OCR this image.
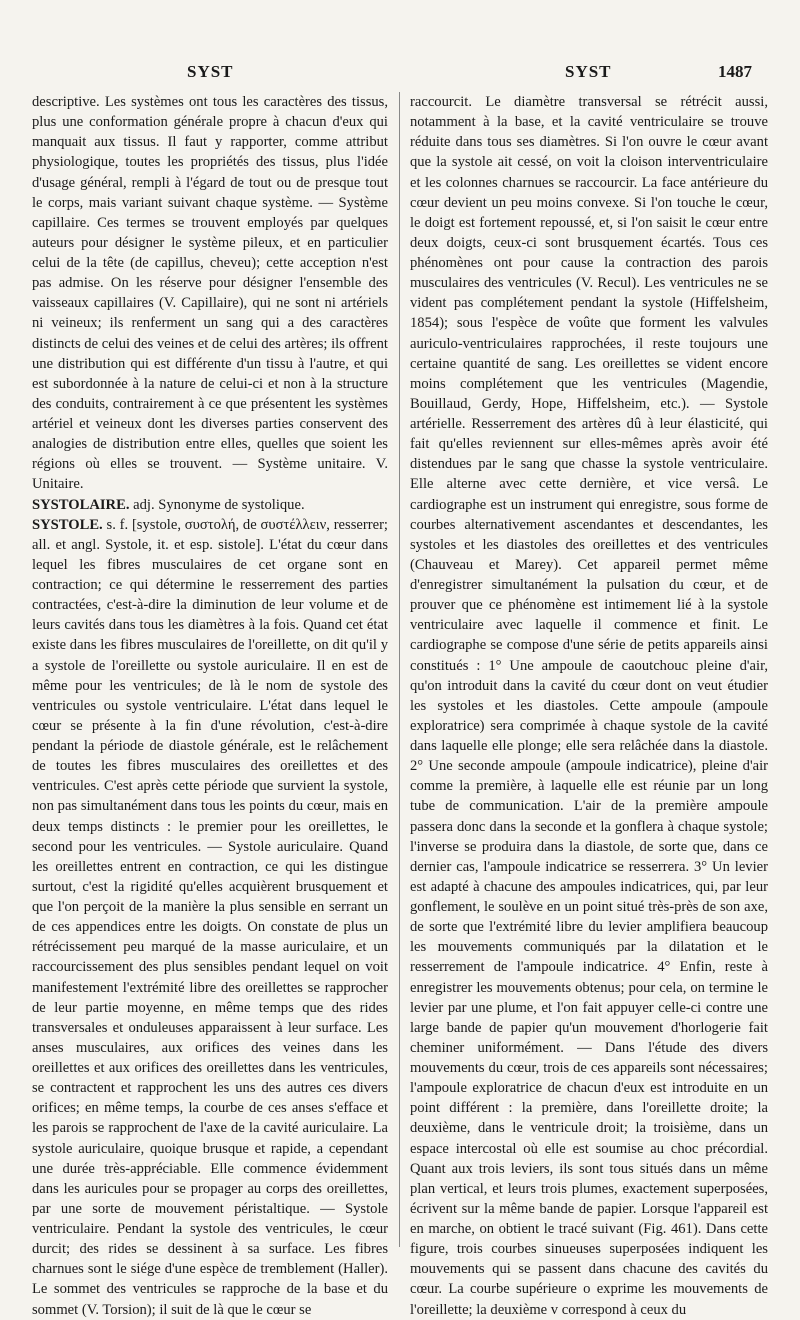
SYST	SYST	1487

descriptive. Les systèmes ont tous les caractères des tissus, plus une conformation générale propre à chacun d'eux qui manquait aux tissus. Il faut y rapporter, comme attribut physiologique, toutes les propriétés des tissus, plus l'idée d'usage général, rempli à l'égard de tout ou de presque tout le corps, mais variant suivant chaque système. — Système capillaire. Ces termes se trouvent employés par quelques auteurs pour désigner le système pileux, et en particulier celui de la tête (de capillus, cheveu); cette acception n'est pas admise. On les réserve pour désigner l'ensemble des vaisseaux capillaires (V. Capillaire), qui ne sont ni artériels ni veineux; ils renferment un sang qui a des caractères distincts de celui des veines et de celui des artères; ils offrent une distribution qui est différente d'un tissu à l'autre, et qui est subordonnée à la nature de celui-ci et non à la structure des conduits, contrairement à ce que présentent les systèmes artériel et veineux dont les diverses parties conservent des analogies de distribution entre elles, quelles que soient les régions où elles se trouvent. — Système unitaire. V. Unitaire.

SYSTOLAIRE. adj. Synonyme de systolique.

SYSTOLE. s. f. [systole, συστολή, de συστέλλειν, resserrer; all. et angl. Systole, it. et esp. sistole]. L'état du cœur dans lequel les fibres musculaires de cet organe sont en contraction; ce qui détermine le resserrement des parties contractées, c'est-à-dire la diminution de leur volume et de leurs cavités dans tous les diamètres à la fois. Quand cet état existe dans les fibres musculaires de l'oreillette, on dit qu'il y a systole de l'oreillette ou systole auriculaire. Il en est de même pour les ventricules; de là le nom de systole des ventricules ou systole ventriculaire. L'état dans lequel le cœur se présente à la fin d'une révolution, c'est-à-dire pendant la période de diastole générale, est le relâchement de toutes les fibres musculaires des oreillettes et des ventricules. C'est après cette période que survient la systole, non pas simultanément dans tous les points du cœur, mais en deux temps distincts : le premier pour les oreillettes, le second pour les ventricules. — Systole auriculaire. Quand les oreillettes entrent en contraction, ce qui les distingue surtout, c'est la rigidité qu'elles acquièrent brusquement et que l'on perçoit de la manière la plus sensible en serrant un de ces appendices entre les doigts. On constate de plus un rétrécissement peu marqué de la masse auriculaire, et un raccourcissement des plus sensibles pendant lequel on voit manifestement l'extrémité libre des oreillettes se rapprocher de leur partie moyenne, en même temps que des rides transversales et onduleuses apparaissent à leur surface. Les anses musculaires, aux orifices des veines dans les oreillettes et aux orifices des oreillettes dans les ventricules, se contractent et rapprochent les uns des autres ces divers orifices; en même temps, la courbe de ces anses s'efface et les parois se rapprochent de l'axe de la cavité auriculaire. La systole auriculaire, quoique brusque et rapide, a cependant une durée très-appréciable. Elle commence évidemment dans les auricules pour se propager au corps des oreillettes, par une sorte de mouvement péristaltique. — Systole ventriculaire. Pendant la systole des ventricules, le cœur durcit; des rides se dessinent à sa surface. Les fibres charnues sont le siége d'une espèce de tremblement (Haller). Le sommet des ventricules se rapproche de la base et du sommet (V. Torsion); il suit de là que le cœur se

raccourcit. Le diamètre transversal se rétrécit aussi, notamment à la base, et la cavité ventriculaire se trouve réduite dans tous ses diamètres. Si l'on ouvre le cœur avant que la systole ait cessé, on voit la cloison interventriculaire et les colonnes charnues se raccourcir. La face antérieure du cœur devient un peu moins convexe. Si l'on touche le cœur, le doigt est fortement repoussé, et, si l'on saisit le cœur entre deux doigts, ceux-ci sont brusquement écartés. Tous ces phénomènes ont pour cause la contraction des parois musculaires des ventricules (V. Recul). Les ventricules ne se vident pas complétement pendant la systole (Hiffelsheim, 1854); sous l'espèce de voûte que forment les valvules auriculo-ventriculaires rapprochées, il reste toujours une certaine quantité de sang. Les oreillettes se vident encore moins complétement que les ventricules (Magendie, Bouillaud, Gerdy, Hope, Hiffelsheim, etc.). — Systole artérielle. Resserrement des artères dû à leur élasticité, qui fait qu'elles reviennent sur elles-mêmes après avoir été distendues par le sang que chasse la systole ventriculaire. Elle alterne avec cette dernière, et vice versâ. Le cardiographe est un instrument qui enregistre, sous forme de courbes alternativement ascendantes et descendantes, les systoles et les diastoles des oreillettes et des ventricules (Chauveau et Marey). Cet appareil permet même d'enregistrer simultanément la pulsation du cœur, et de prouver que ce phénomène est intimement lié à la systole ventriculaire avec laquelle il commence et finit. Le cardiographe se compose d'une série de petits appareils ainsi constitués : 1° Une ampoule de caoutchouc pleine d'air, qu'on introduit dans la cavité du cœur dont on veut étudier les systoles et les diastoles. Cette ampoule (ampoule exploratrice) sera comprimée à chaque systole de la cavité dans laquelle elle plonge; elle sera relâchée dans la diastole. 2° Une seconde ampoule (ampoule indicatrice), pleine d'air comme la première, à laquelle elle est réunie par un long tube de communication. L'air de la première ampoule passera donc dans la seconde et la gonflera à chaque systole; l'inverse se produira dans la diastole, de sorte que, dans ce dernier cas, l'ampoule indicatrice se resserrera. 3° Un levier est adapté à chacune des ampoules indicatrices, qui, par leur gonflement, le soulève en un point situé très-près de son axe, de sorte que l'extrémité libre du levier amplifiera beaucoup les mouvements communiqués par la dilatation et le resserrement de l'ampoule indicatrice. 4° Enfin, reste à enregistrer les mouvements obtenus; pour cela, on termine le levier par une plume, et l'on fait appuyer celle-ci contre une large bande de papier qu'un mouvement d'horlogerie fait cheminer uniformément. — Dans l'étude des divers mouvements du cœur, trois de ces appareils sont nécessaires; l'ampoule exploratrice de chacun d'eux est introduite en un point différent : la première, dans l'oreillette droite; la deuxième, dans le ventricule droit; la troisième, dans un espace intercostal où elle est soumise au choc précordial. Quant aux trois leviers, ils sont tous situés dans un même plan vertical, et leurs trois plumes, exactement superposées, écrivent sur la même bande de papier. Lorsque l'appareil est en marche, on obtient le tracé suivant (Fig. 461). Dans cette figure, trois courbes sinueuses superposées indiquent les mouvements qui se passent dans chacune des cavités du cœur. La courbe supérieure o exprime les mouvements de l'oreillette; la deuxième v correspond à ceux du
